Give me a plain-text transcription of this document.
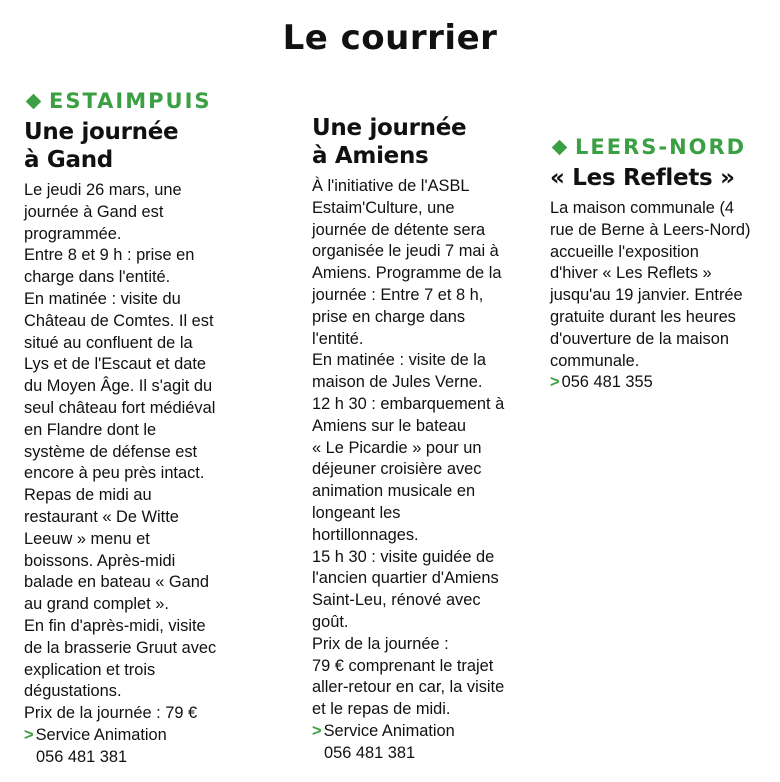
Le courrier
ESTAIMPUIS
Une journée
à Gand
Le jeudi 26 mars, une
journée à Gand est
programmée.
Entre 8 et 9 h : prise en
charge dans l'entité.
En matinée : visite du
Château de Comtes. Il est
situé au confluent de la
Lys et de l'Escaut et date
du Moyen Âge. Il s'agit du
seul château fort médiéval
en Flandre dont le
système de défense est
encore à peu près intact.
Repas de midi au
restaurant « De Witte
Leeuw » menu et
boissons. Après-midi
balade en bateau « Gand
au grand complet ».
En fin d'après-midi, visite
de la brasserie Gruut avec
explication et trois
dégustations.
Prix de la journée : 79 €
> Service Animation
056 481 381
Une journée
à Amiens
À l'initiative de l'ASBL
Estaim'Culture, une
journée de détente sera
organisée le jeudi 7 mai à
Amiens. Programme de la
journée : Entre 7 et 8 h,
prise en charge dans
l'entité.
En matinée : visite de la
maison de Jules Verne.
12 h 30 : embarquement à
Amiens sur le bateau
« Le Picardie » pour un
déjeuner croisière avec
animation musicale en
longeant les
hortillonnages.
15 h 30 : visite guidée de
l'ancien quartier d'Amiens
Saint-Leu, rénové avec
goût.
Prix de la journée :
79 € comprenant le trajet
aller-retour en car, la visite
et le repas de midi.
> Service Animation
056 481 381
LEERS-NORD
« Les Reflets »
La maison communale (4
rue de Berne à Leers-Nord)
accueille l'exposition
d'hiver « Les Reflets »
jusqu'au 19 janvier. Entrée
gratuite durant les heures
d'ouverture de la maison
communale.
> 056 481 355
